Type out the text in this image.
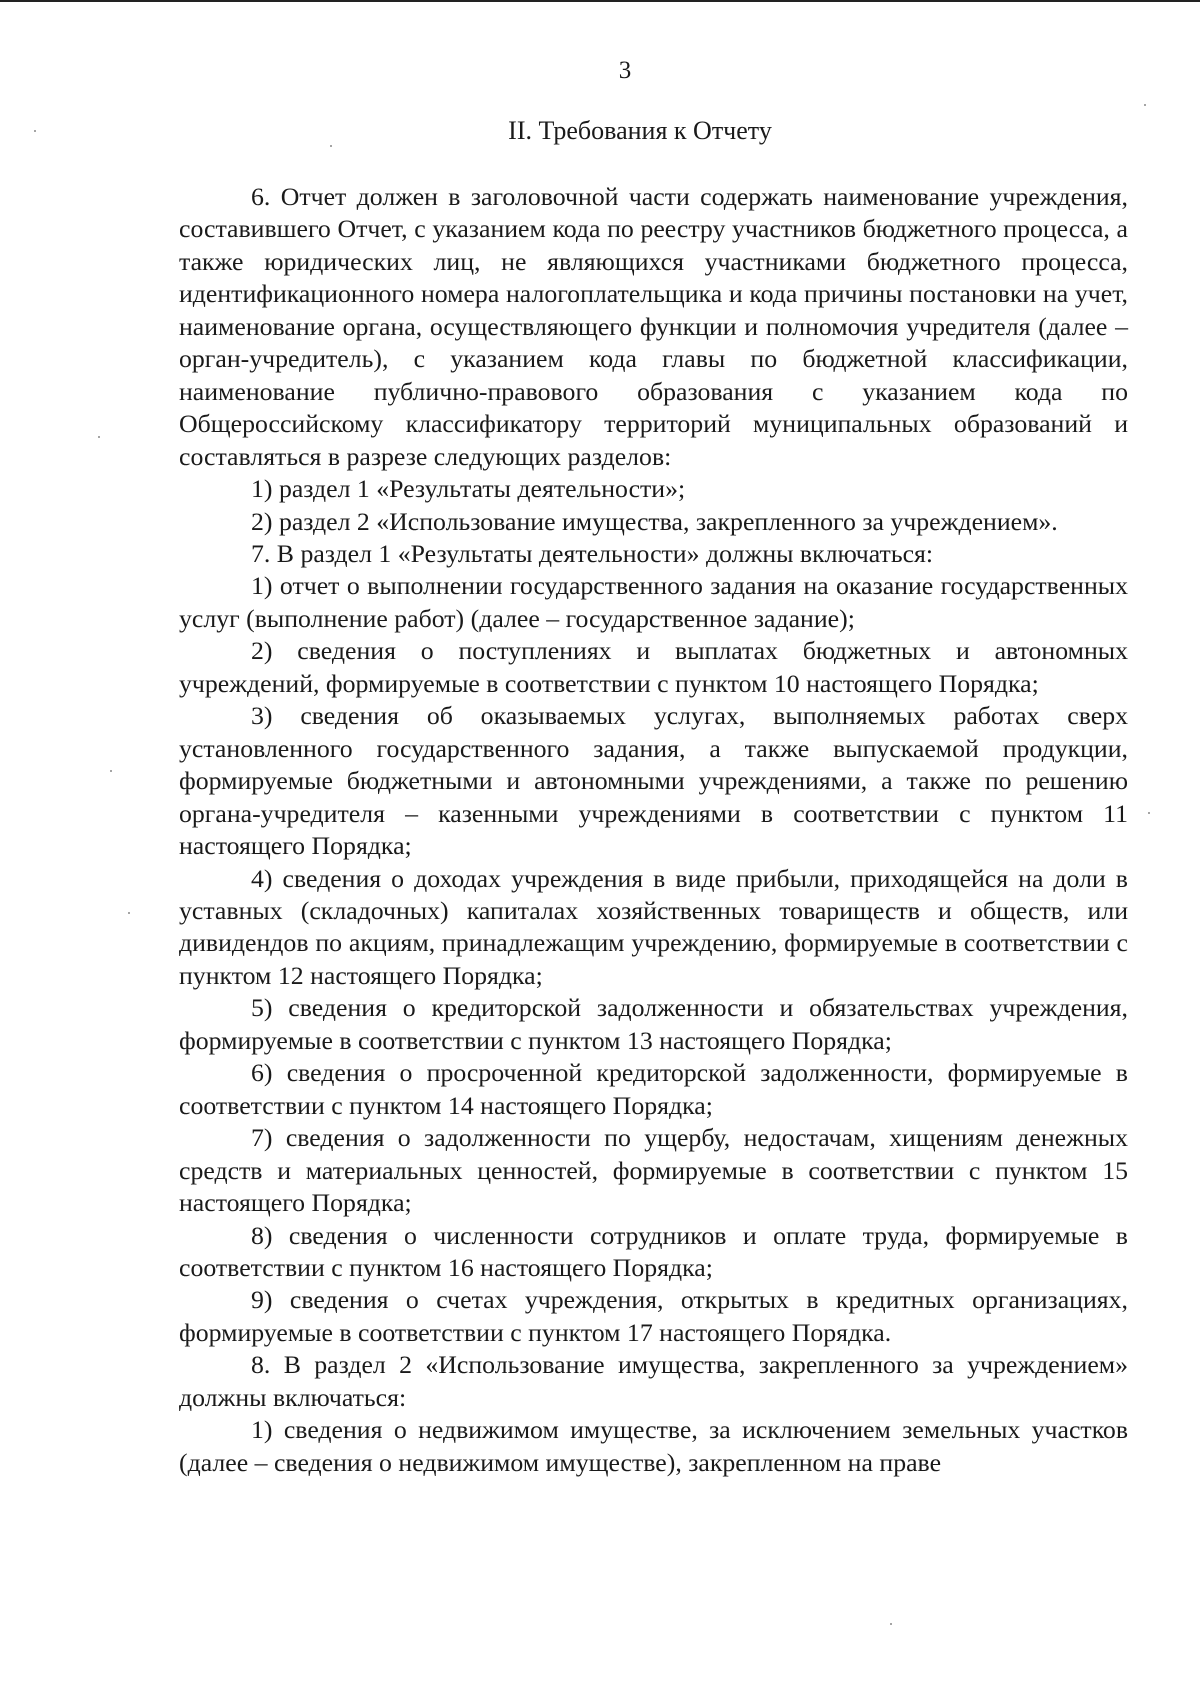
3
II. Требования к Отчету

6. Отчет должен в заголовочной части содержать наименование учреждения, составившего Отчет, с указанием кода по реестру участников бюджетного процесса, а также юридических лиц, не являющихся участниками бюджетного процесса, идентификационного номера налогоплательщика и кода причины постановки на учет, наименование органа, осуществляющего функции и полномочия учредителя (далее – орган-учредитель), с указанием кода главы по бюджетной классификации, наименование публично-правового образования с указанием кода по Общероссийскому классификатору территорий муниципальных образований и составляться в разрезе следующих разделов:

1) раздел 1 «Результаты деятельности»;

2) раздел 2 «Использование имущества, закрепленного за учреждением».

7. В раздел 1 «Результаты деятельности» должны включаться:

1) отчет о выполнении государственного задания на оказание государственных услуг (выполнение работ) (далее – государственное задание);

2) сведения о поступлениях и выплатах бюджетных и автономных учреждений, формируемые в соответствии с пунктом 10 настоящего Порядка;

3) сведения об оказываемых услугах, выполняемых работах сверх установленного государственного задания, а также выпускаемой продукции, формируемые бюджетными и автономными учреждениями, а также по решению органа-учредителя – казенными учреждениями в соответствии с пунктом 11 настоящего Порядка;

4) сведения о доходах учреждения в виде прибыли, приходящейся на доли в уставных (складочных) капиталах хозяйственных товариществ и обществ, или дивидендов по акциям, принадлежащим учреждению, формируемые в соответствии с пунктом 12 настоящего Порядка;

5) сведения о кредиторской задолженности и обязательствах учреждения, формируемые в соответствии с пунктом 13 настоящего Порядка;

6) сведения о просроченной кредиторской задолженности, формируемые в соответствии с пунктом 14 настоящего Порядка;

7) сведения о задолженности по ущербу, недостачам, хищениям денежных средств и материальных ценностей, формируемые в соответствии с пунктом 15 настоящего Порядка;

8) сведения о численности сотрудников и оплате труда, формируемые в соответствии с пунктом 16 настоящего Порядка;

9) сведения о счетах учреждения, открытых в кредитных организациях, формируемые в соответствии с пунктом 17 настоящего Порядка.

8. В раздел 2 «Использование имущества, закрепленного за учреждением» должны включаться:

1) сведения о недвижимом имуществе, за исключением земельных участков (далее – сведения о недвижимом имуществе), закрепленном на праве
